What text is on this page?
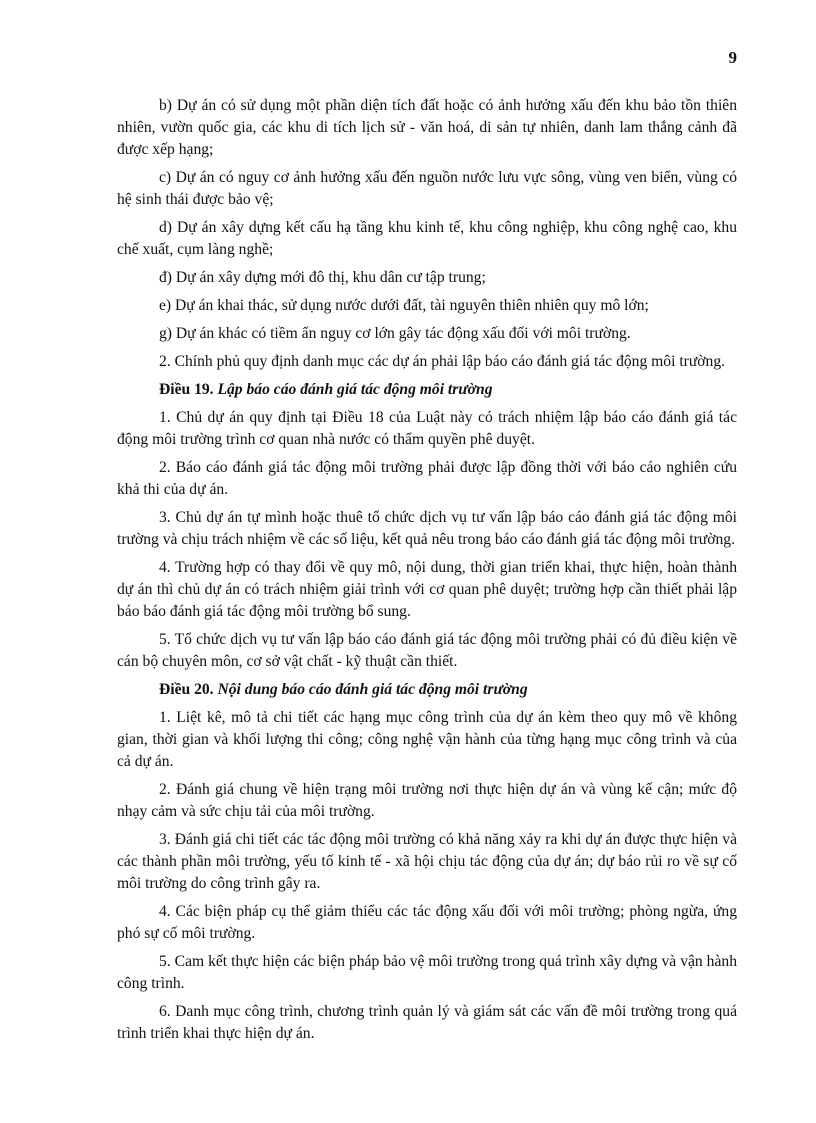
9

b) Dự án có sử dụng một phần diện tích đất hoặc có ảnh hưởng xấu đến khu bảo tồn thiên nhiên, vườn quốc gia, các khu di tích lịch sử - văn hoá, di sản tự nhiên, danh lam thắng cảnh đã được xếp hạng;

c) Dự án có nguy cơ ảnh hưởng xấu đến nguồn nước lưu vực sông, vùng ven biển, vùng có hệ sinh thái được bảo vệ;

d) Dự án xây dựng kết cấu hạ tầng khu kinh tế, khu công nghiệp, khu công nghệ cao, khu chế xuất, cụm làng nghề;

đ) Dự án xây dựng mới đô thị, khu dân cư tập trung;

e) Dự án khai thác, sử dụng nước dưới đất, tài nguyên thiên nhiên quy mô lớn;

g) Dự án khác có tiềm ẩn nguy cơ lớn gây tác động xấu đối với môi trường.

2. Chính phủ quy định danh mục các dự án phải lập báo cáo đánh giá tác động môi trường.

Điều 19. Lập báo cáo đánh giá tác động môi trường

1. Chủ dự án quy định tại Điều 18 của Luật này có trách nhiệm lập báo cáo đánh giá tác động môi trường trình cơ quan nhà nước có thẩm quyền phê duyệt.

2. Báo cáo đánh giá tác động môi trường phải được lập đồng thời với báo cáo nghiên cứu khả thi của dự án.

3. Chủ dự án tự mình hoặc thuê tổ chức dịch vụ tư vấn lập báo cáo đánh giá tác động môi trường và chịu trách nhiệm về các số liệu, kết quả nêu trong báo cáo đánh giá tác động môi trường.

4. Trường hợp có thay đổi về quy mô, nội dung, thời gian triển khai, thực hiện, hoàn thành dự án thì chủ dự án có trách nhiệm giải trình với cơ quan phê duyệt; trường hợp cần thiết phải lập báo báo đánh giá tác động môi trường bổ sung.

5. Tổ chức dịch vụ tư vấn lập báo cáo đánh giá tác động môi trường phải có đủ điều kiện về cán bộ chuyên môn, cơ sở vật chất - kỹ thuật cần thiết.

Điều 20. Nội dung báo cáo đánh giá tác động môi trường

1. Liệt kê, mô tả chi tiết các hạng mục công trình của dự án kèm theo quy mô về không gian, thời gian và khối lượng thi công; công nghệ vận hành của từng hạng mục công trình và của cả dự án.

2. Đánh giá chung về hiện trạng môi trường nơi thực hiện dự án và vùng kế cận; mức độ nhạy cảm và sức chịu tải của môi trường.

3. Đánh giá chi tiết các tác động môi trường có khả năng xảy ra khi dự án được thực hiện và các thành phần môi trường, yếu tố kinh tế - xã hội chịu tác động của dự án; dự báo rủi ro về sự cố môi trường do công trình gây ra.

4. Các biện pháp cụ thể giảm thiểu các tác động xấu đối với môi trường; phòng ngừa, ứng phó sự cố môi trường.

5. Cam kết thực hiện các biện pháp bảo vệ môi trường trong quá trình xây dựng và vận hành công trình.

6. Danh mục công trình, chương trình quản lý và giám sát các vấn đề môi trường trong quá trình triển khai thực hiện dự án.
